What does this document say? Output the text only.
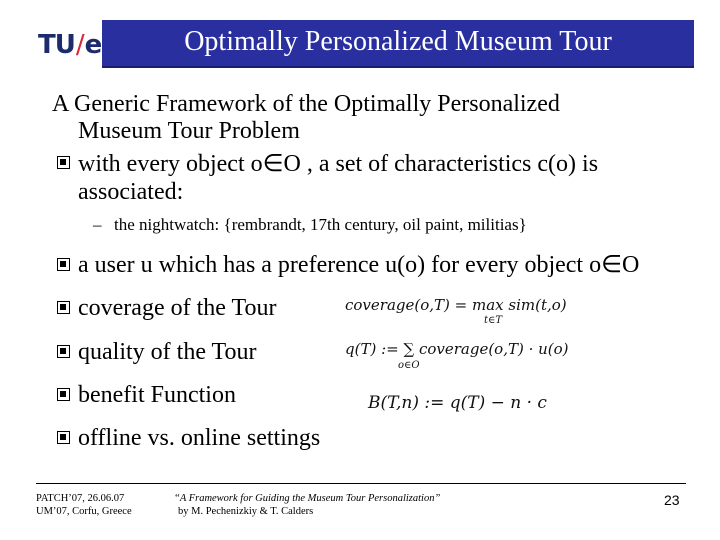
TU/e	Optimally Personalized Museum Tour
A Generic Framework of the Optimally Personalized
Museum Tour Problem
with every object o∈O , a set of characteristics c(o) is
associated:
– the nightwatch: {rembrandt, 17th century, oil paint, militias}
a user u which has a preference u(o) for every object o∈O
coverage of the Tour
quality of the Tour
benefit Function
offline vs. online settings
coverage(o,T) = max sim(t,o)
t∈T
q(T) := ∑ coverage(o,T) · u(o)
o∈O
B(T,n) := q(T) − n · c
PATCH’07, 26.06.07
UM’07, Corfu, Greece
“A Framework for Guiding the Museum Tour Personalization”
by M. Pechenizkiy & T. Calders
23
